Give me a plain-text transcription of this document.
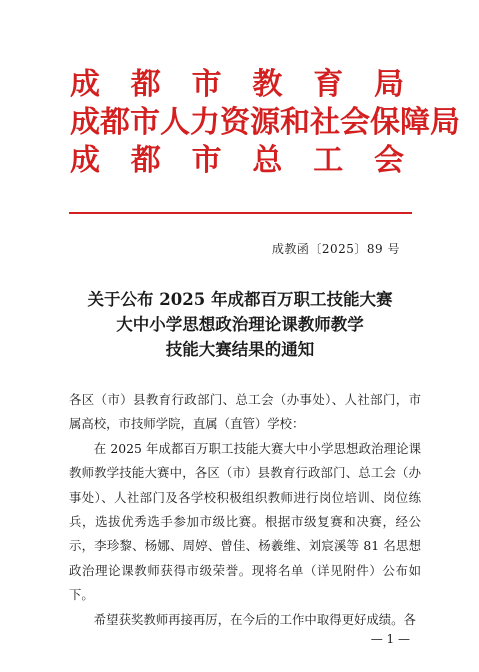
成 都 市 教 育 局
成 都 市 人 力 资 源 和 社 会 保 障 局
成 都 市 总 工 会
成教函〔2025〕89 号
关于公布 2025 年成都百万职工技能大赛
大中小学思想政治理论课教师教学
技能大赛结果的通知

各区（市）县教育行政部门、总工会（办事处）、人社部门，市属高校，市技师学院，直属（直管）学校：

在 2025 年成都百万职工技能大赛大中小学思想政治理论课教师教学技能大赛中，各区（市）县教育行政部门、总工会（办事处）、人社部门及各学校积极组织教师进行岗位培训、岗位练兵，选拔优秀选手参加市级比赛。根据市级复赛和决赛，经公示，李珍黎、杨娜、周婷、曾佳、杨羲维、刘宸溪等 81 名思想政治理论课教师获得市级荣誉。现将名单（详见附件）公布如下。

希望获奖教师再接再厉，在今后的工作中取得更好成绩。各

— 1 —
